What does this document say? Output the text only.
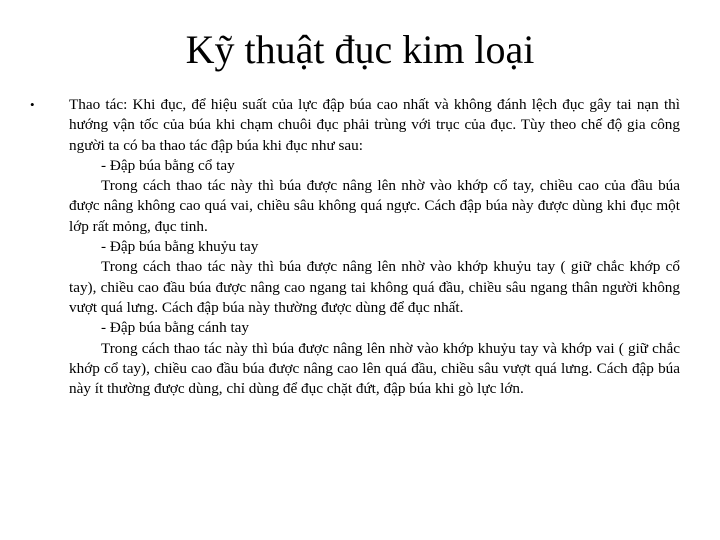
Kỹ thuật đục kim loại
• Thao tác: Khi đục, để hiệu suất của lực đập búa cao nhất và không đánh lệch đục gây tai nạn thì hướng vận tốc của búa khi chạm chuôi đục phải trùng với trục của đục. Tùy theo chế độ gia công người ta có ba thao tác đập búa khi đục như sau:

- Đập búa bằng cổ tay

Trong cách thao tác này thì búa được nâng lên nhờ vào khớp cổ tay, chiều cao của đầu búa được nâng không cao quá vai, chiều sâu không quá ngực. Cách đập búa này được dùng khi đục một lớp rất mỏng, đục tinh.

- Đập búa bằng khuỷu tay

Trong cách thao tác này thì búa được nâng lên nhờ vào khớp khuỷu tay ( giữ chắc khớp cổ tay), chiều cao đầu búa được nâng cao ngang tai không quá đầu, chiều sâu ngang thân người không vượt quá lưng. Cách đập búa này thường được dùng để đục nhất.

- Đập búa bằng cánh tay

Trong cách thao tác này thì búa được nâng lên nhờ vào khớp khuỷu tay và khớp vai ( giữ chắc khớp cổ tay), chiều cao đầu búa được nâng cao lên quá đầu, chiều sâu vượt quá lưng. Cách đập búa này ít thường được dùng, chỉ dùng để đục chặt đứt, đập búa khi gò lực lớn.
